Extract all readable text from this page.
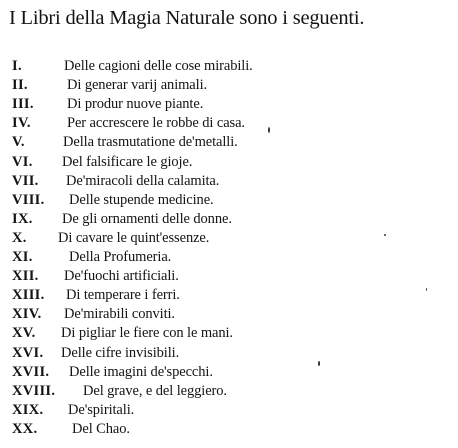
I Libri della Magia Naturale sono i seguenti.
I.	Delle cagioni delle cose mirabili.
II.	Di generar varij animali.
III. Di produr nuove piante.
IV. Per accrescere le robbe di casa.
V.	Della trasmutatione de'metalli.
VI. Del falsificare le gioje.
VII. De'miracoli della calamita.
VIII. Delle stupende medicine.
IX. De gli ornamenti delle donne.
X. Di cavare le quint'essenze.
XI.	Della Profumeria.
XII. De'fuochi artificiali.
XIII. Di temperare i ferri.
XIV. De'mirabili conviti.
XV. Di pigliar le fiere con le mani.
XVI. Delle cifre invisibili.
XVII. Delle imagini de'specchi.
XVIII. Del grave, e del leggiero.
XIX. De'spiritali.
XX. Del Chao.
